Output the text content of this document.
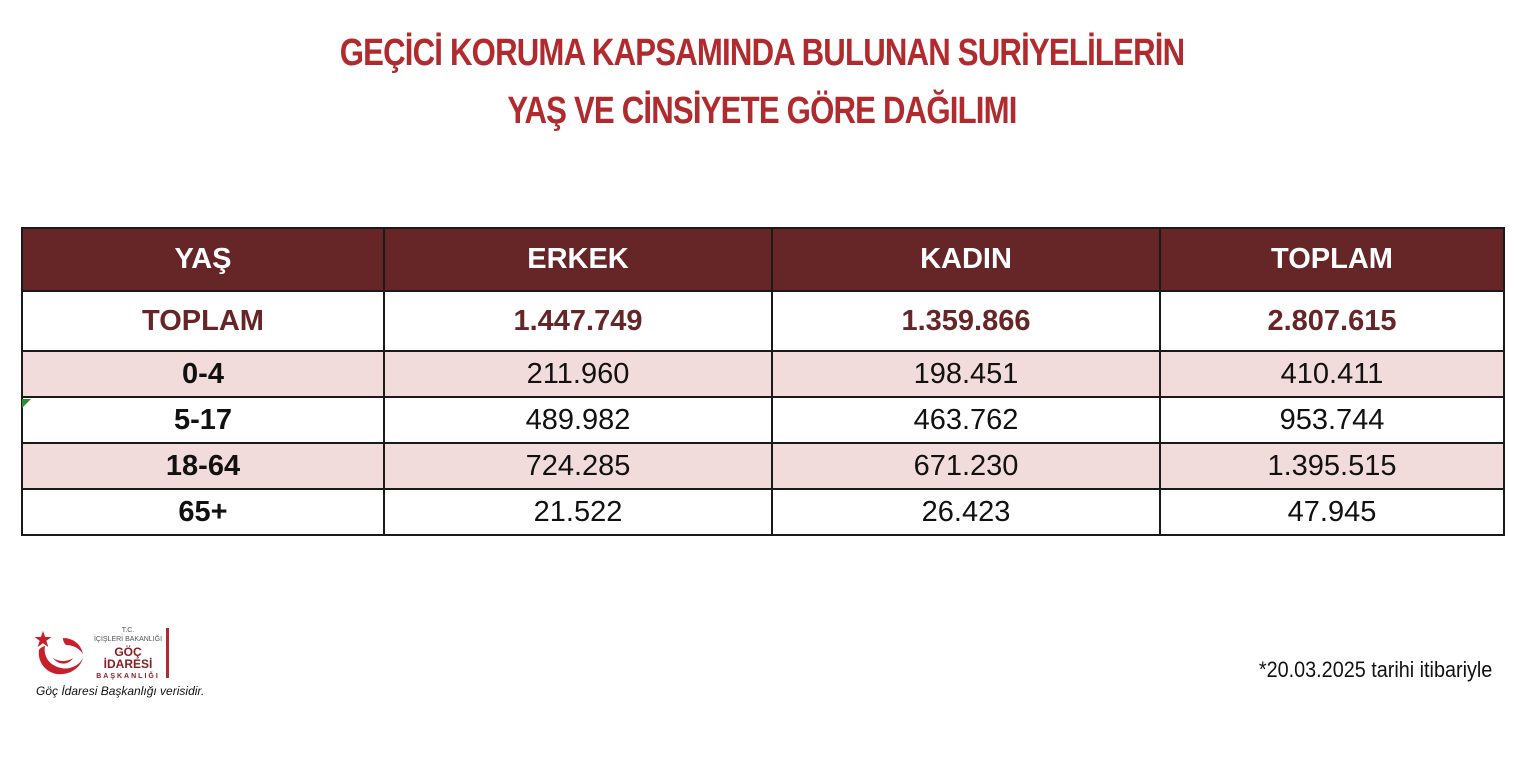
GEÇİCİ KORUMA KAPSAMINDA BULUNAN SURİYELİLERİN
YAŞ VE CİNSİYETE GÖRE DAĞILIMI
YAŞ	ERKEK	KADIN	TOPLAM
TOPLAM	1.447.749	1.359.866	2.807.615
0-4	211.960	198.451	410.411
5-17	489.982	463.762	953.744
18-64	724.285	671.230	1.395.515
65+	21.522	26.423	47.945
T.C.
İÇİŞLERİ BAKANLIĞI
GÖÇ İDARESİ
BAŞKANLIĞI
Göç İdaresi Başkanlığı verisidir.
*20.03.2025 tarihi itibariyle
